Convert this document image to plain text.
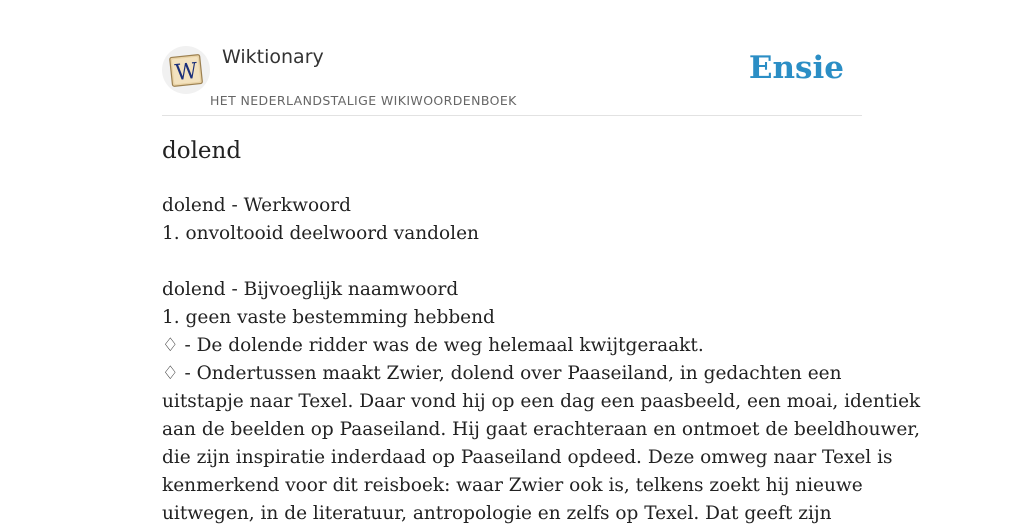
W
Wiktionary
HET NEDERLANDSTALIGE WIKIWOORDENBOEK
Ensie
dolend
dolend - Werkwoord
1. onvoltooid deelwoord vandolen
dolend - Bijvoeglijk naamwoord
1. geen vaste bestemming hebbend
♢ - De dolende ridder was de weg helemaal kwijtgeraakt.
♢ - Ondertussen maakt Zwier, dolend over Paaseiland, in gedachten een
uitstapje naar Texel. Daar vond hij op een dag een paasbeeld, een moai, identiek
aan de beelden op Paaseiland. Hij gaat erachteraan en ontmoet de beeldhouwer,
die zijn inspiratie inderdaad op Paaseiland opdeed. Deze omweg naar Texel is
kenmerkend voor dit reisboek: waar Zwier ook is, telkens zoekt hij nieuwe
uitwegen, in de literatuur, antropologie en zelfs op Texel. Dat geeft zijn
